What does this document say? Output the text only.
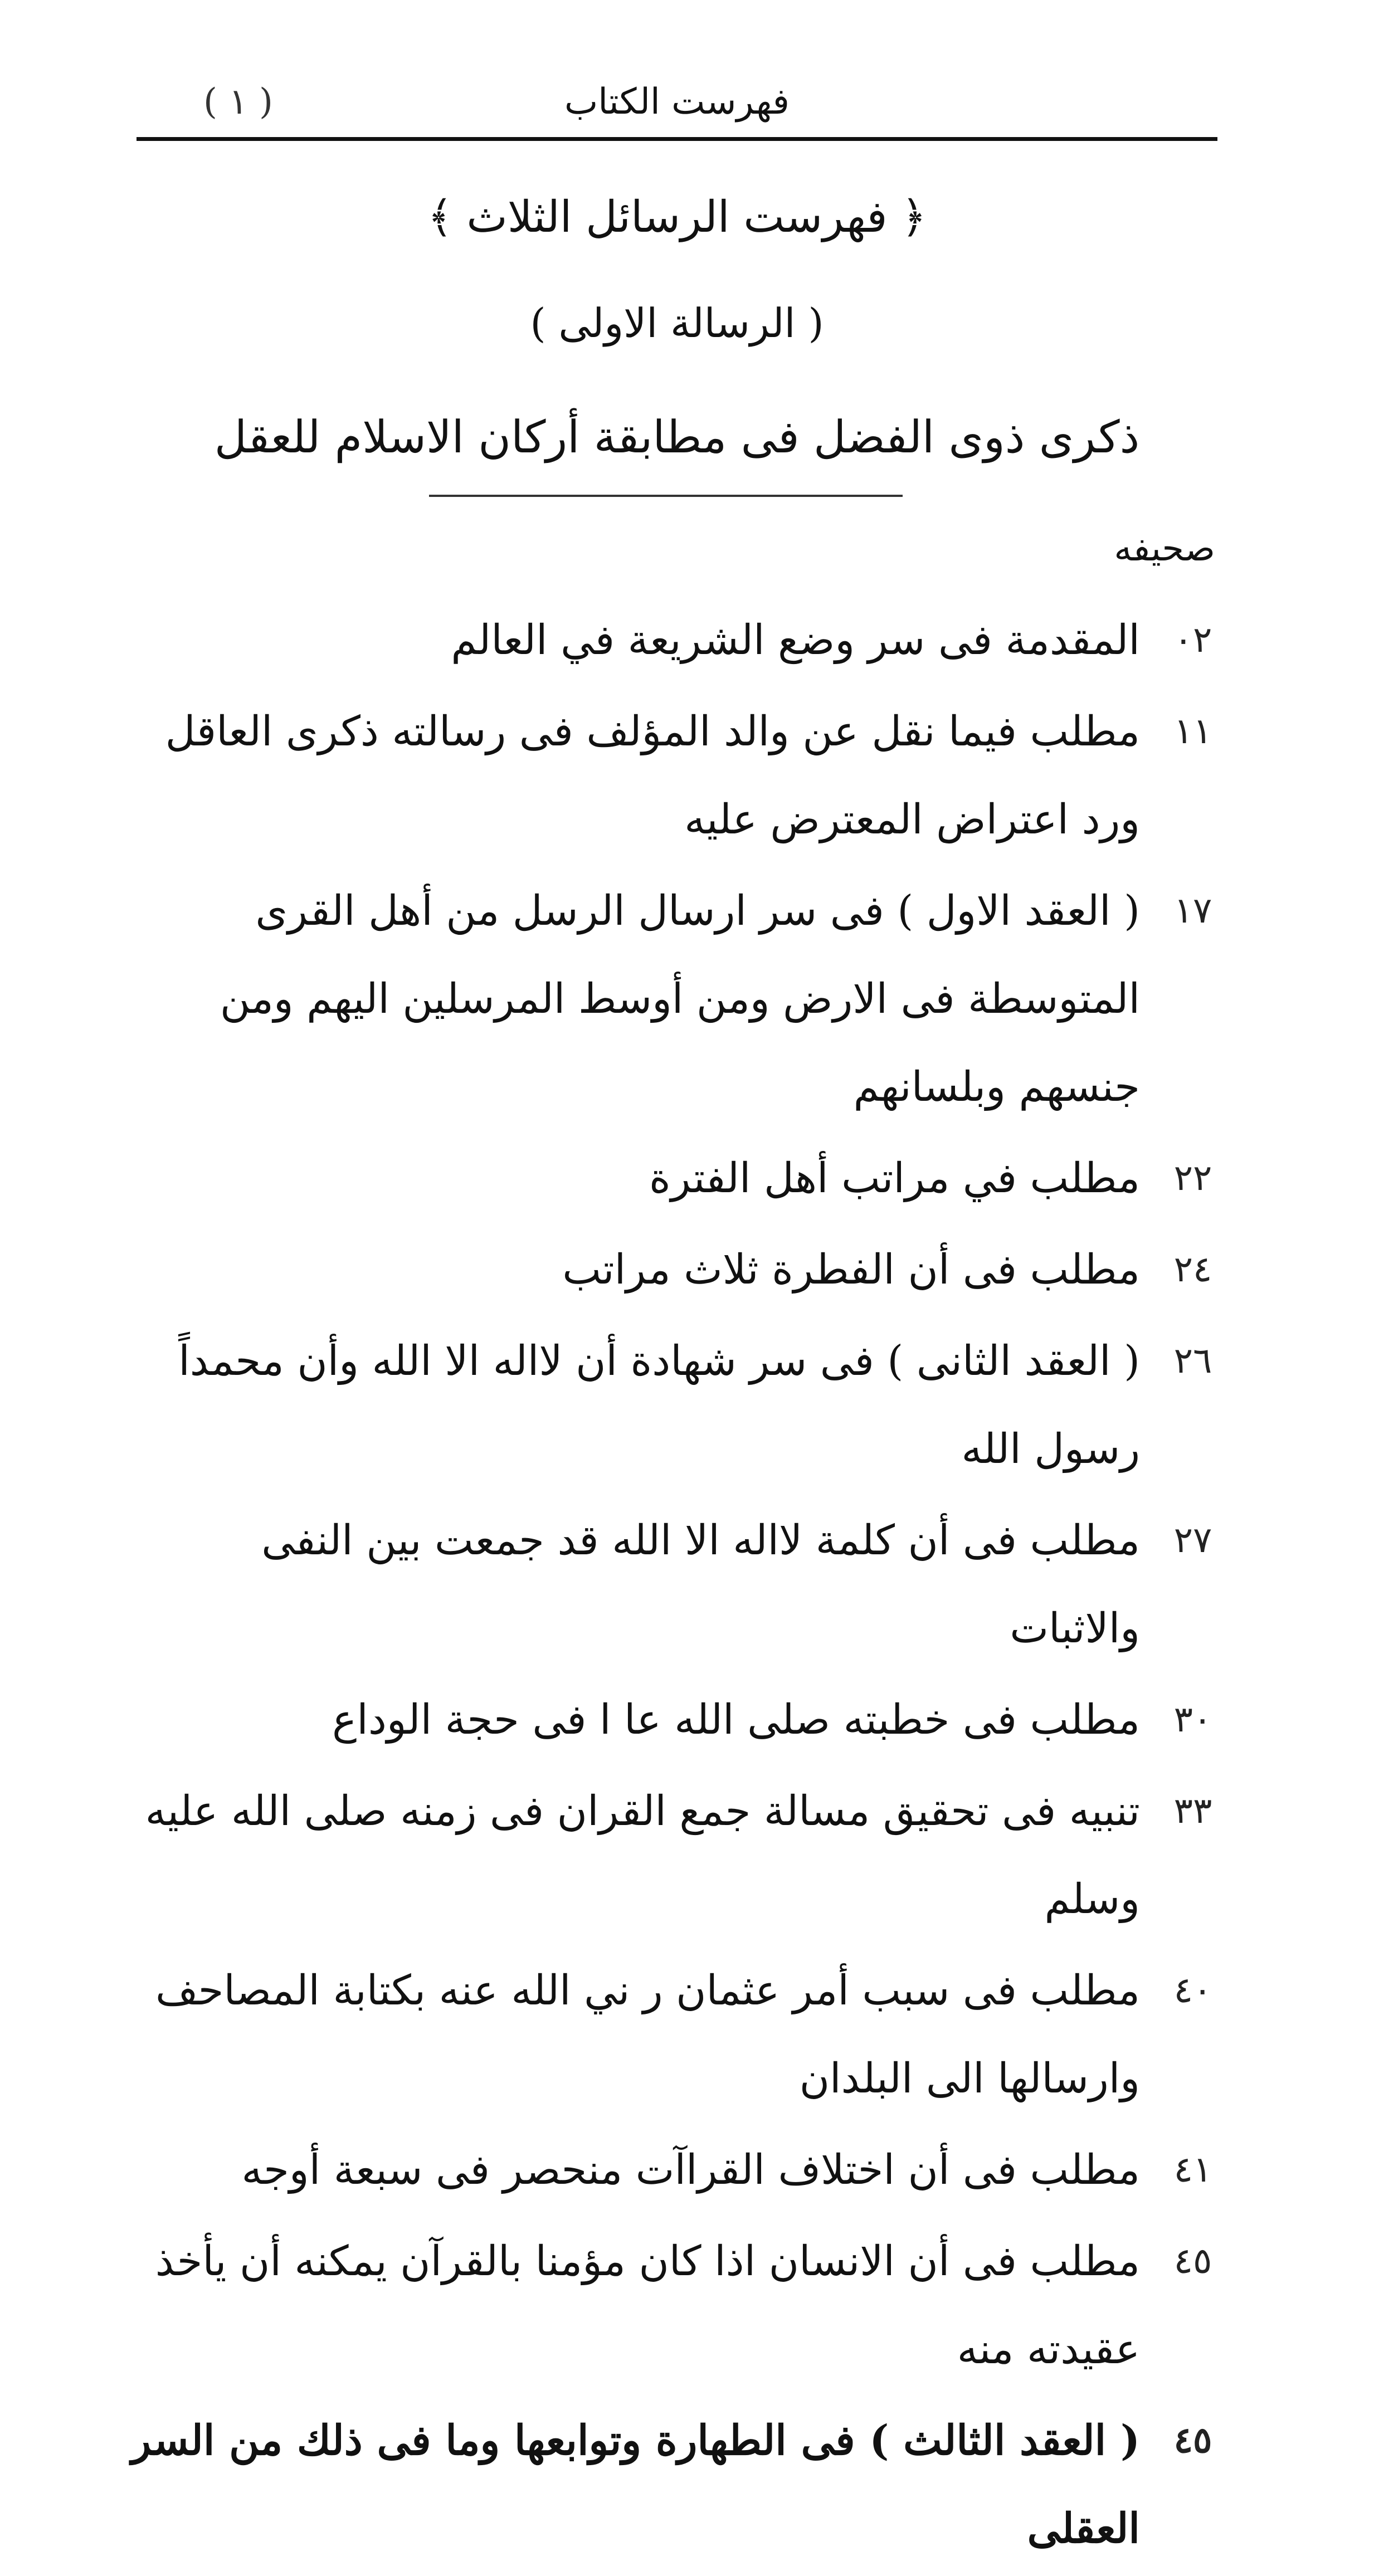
فهرست الكتاب
( ١ )
﴿ فهرست الرسائل الثلاث ﴾
( الرسالة الاولى )
ذكرى ذوى الفضل فى مطابقة أركان الاسلام للعقل
صحيفه
٠٢
المقدمة فى سر وضع الشريعة في العالم
١١
مطلب فيما نقل عن والد المؤلف فى رسالته ذكرى العاقل ورد اعتراض المعترض عليه
١٧
( العقد الاول ) فى سر ارسال الرسل من أهل القرى المتوسطة فى الارض ومن أوسط المرسلين اليهم ومن جنسهم وبلسانهم
٢٢
مطلب في مراتب أهل الفترة
٢٤
مطلب فى أن الفطرة ثلاث مراتب
٢٦
( العقد الثانى ) فى سر شهادة أن لااله الا الله وأن محمداً رسول الله
٢٧
مطلب فى أن كلمة لااله الا الله قد جمعت بين النفى والاثبات
٣٠
مطلب فى خطبته صلى الله عا ا فى حجة الوداع
٣٣
تنبيه فى تحقيق مسالة جمع القران فى زمنه صلى الله عليه وسلم
٤٠
مطلب فى سبب أمر عثمان ر ني الله عنه بكتابة المصاحف وارسالها الى البلدان
٤١
مطلب فى أن اختلاف القراآت منحصر فى سبعة أوجه
٤٥
مطلب فى أن الانسان اذا كان مؤمنا بالقرآن يمكنه أن يأخذ عقيدته منه
٤٥
( العقد الثالث ) فى الطهارة وتوابعها وما فى ذلك من السر العقلى
